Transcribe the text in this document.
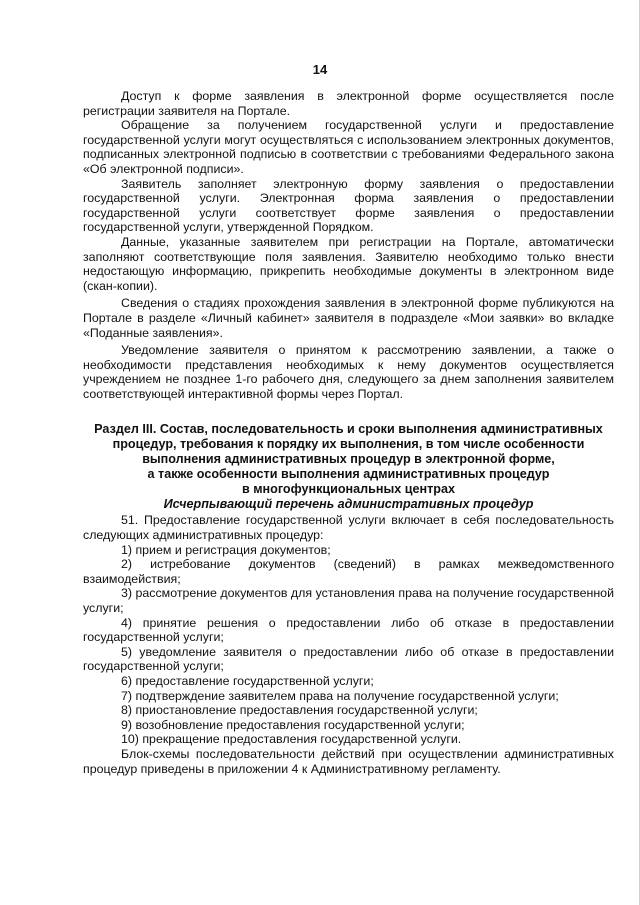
14

Доступ к форме заявления в электронной форме осуществляется после регистрации заявителя на Портале.

Обращение за получением государственной услуги и предоставление государственной услуги могут осуществляться с использованием электронных документов, подписанных электронной подписью в соответствии с требованиями Федерального закона «Об электронной подписи».

Заявитель заполняет электронную форму заявления о предоставлении государственной услуги. Электронная форма заявления о предоставлении государственной услуги соответствует форме заявления о предоставлении государственной услуги, утвержденной Порядком.

Данные, указанные заявителем при регистрации на Портале, автоматически заполняют соответствующие поля заявления. Заявителю необходимо только внести недостающую информацию, прикрепить необходимые документы в электронном виде (скан-копии).

Сведения о стадиях прохождения заявления в электронной форме публикуются на Портале в разделе «Личный кабинет» заявителя в подразделе «Мои заявки» во вкладке «Поданные заявления».

Уведомление заявителя о принятом к рассмотрению заявлении, а также о необходимости представления необходимых к нему документов осуществляется учреждением не позднее 1-го рабочего дня, следующего за днем заполнения заявителем соответствующей интерактивной формы через Портал.

Раздел III. Состав, последовательность и сроки выполнения административных
процедур, требования к порядку их выполнения, в том числе особенности
выполнения административных процедур в электронной форме,
а также особенности выполнения административных процедур
в многофункциональных центрах
Исчерпывающий перечень административных процедур

51. Предоставление государственной услуги включает в себя последовательность следующих административных процедур:

1) прием и регистрация документов;

2) истребование документов (сведений) в рамках межведомственного взаимодействия;

3) рассмотрение документов для установления права на получение государственной услуги;

4) принятие решения о предоставлении либо об отказе в предоставлении государственной услуги;

5) уведомление заявителя о предоставлении либо об отказе в предоставлении государственной услуги;

6) предоставление государственной услуги;

7) подтверждение заявителем права на получение государственной услуги;

8) приостановление предоставления государственной услуги;

9) возобновление предоставления государственной услуги;

10) прекращение предоставления государственной услуги.

Блок-схемы последовательности действий при осуществлении административных процедур приведены в приложении 4 к Административному регламенту.
